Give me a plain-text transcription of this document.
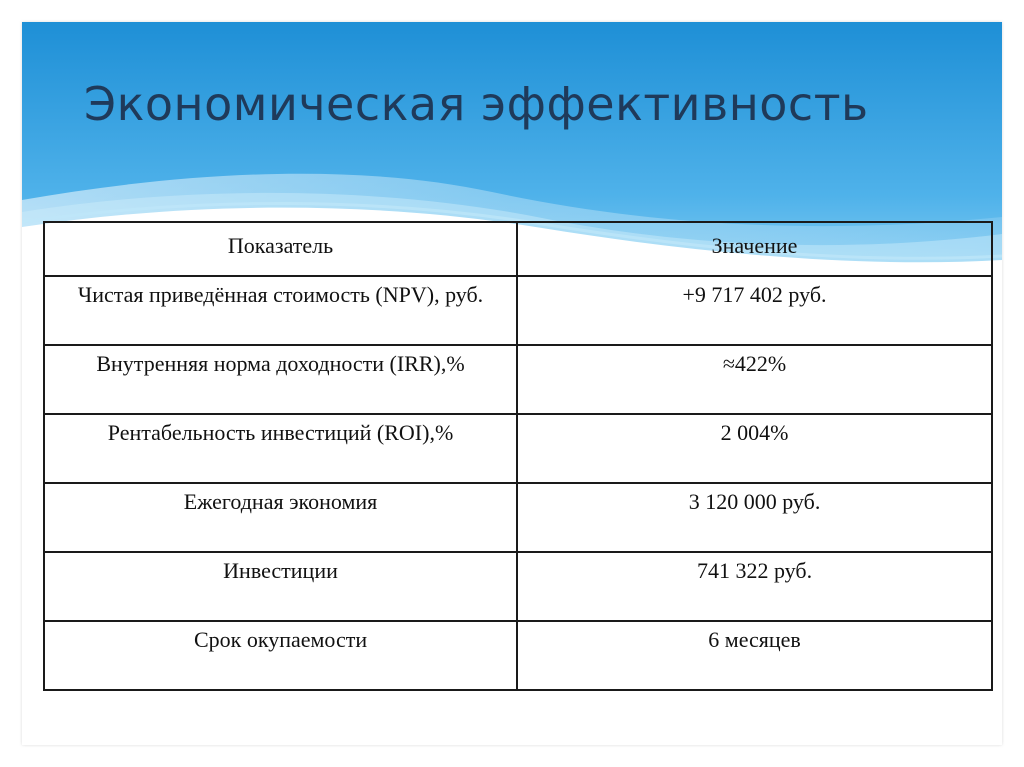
Экономическая эффективность
Показатель	Значение
Чистая приведённая стоимость (NPV), руб.	+9 717 402 руб.
Внутренняя норма доходности (IRR),%	≈422%
Рентабельность инвестиций (ROI),%	2 004%
Ежегодная экономия	3 120 000 руб.
Инвестиции	741 322 руб.
Срок окупаемости	6 месяцев
